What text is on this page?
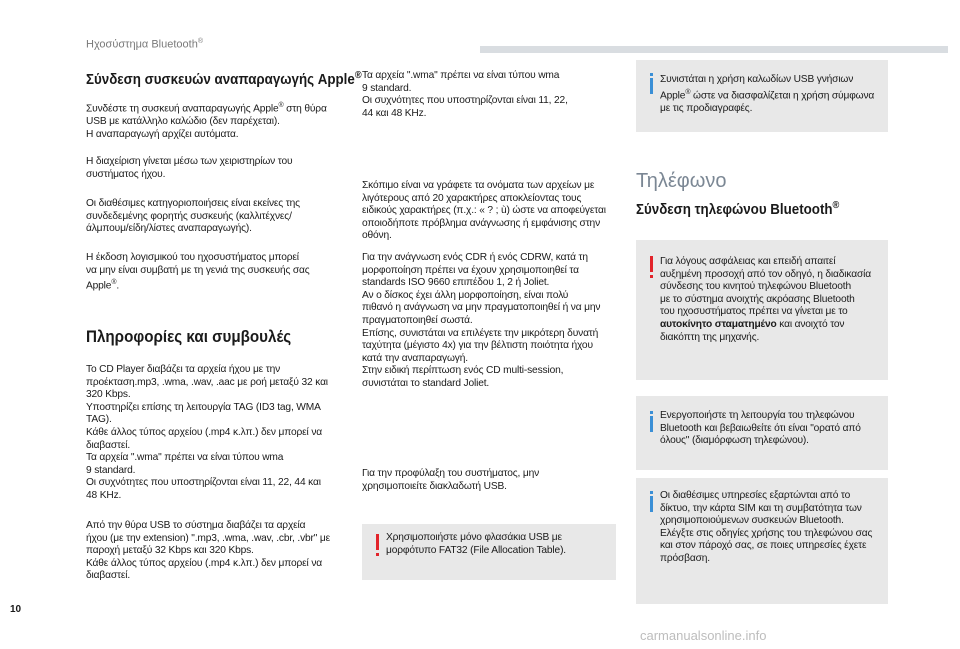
Ηχοσύστημα Bluetooth®
Σύνδεση συσκευών αναπαραγωγής Apple®

Συνδέστε τη συσκευή αναπαραγωγής Apple® στη θύρα
USB με κατάλληλο καλώδιο (δεν παρέχεται).
Η αναπαραγωγή αρχίζει αυτόματα.

Η διαχείριση γίνεται μέσω των χειριστηρίων του
συστήματος ήχου.

Οι διαθέσιμες κατηγοριοποιήσεις είναι εκείνες της
συνδεδεμένης φορητής συσκευής (καλλιτέχνες/
άλμπουμ/είδη/λίστες αναπαραγωγής).

Η έκδοση λογισμικού του ηχοσυστήματος μπορεί
να μην είναι συμβατή με τη γενιά της συσκευής σας
Apple®.

Πληροφορίες και συμβουλές

Το CD Player διαβάζει τα αρχεία ήχου με την
προέκταση.mp3, .wma, .wav, .aac με ροή μεταξύ 32 και
320 Kbps.
Υποστηρίζει επίσης τη λειτουργία TAG (ID3 tag, WMA
TAG).
Κάθε άλλος τύπος αρχείου (.mp4 κ.λπ.) δεν μπορεί να
διαβαστεί.
Τα αρχεία ".wma" πρέπει να είναι τύπου wma
9 standard.
Οι συχνότητες που υποστηρίζονται είναι 11, 22, 44 και
48 KHz.

Από την θύρα USB το σύστημα διαβάζει τα αρχεία
ήχου (με την extension) ".mp3, .wma, .wav, .cbr, .vbr" με
παροχή μεταξύ 32 Kbps και 320 Kbps.
Κάθε άλλος τύπος αρχείου (.mp4 κ.λπ.) δεν μπορεί να
διαβαστεί.

Τα αρχεία ".wma" πρέπει να είναι τύπου wma
9 standard.
Οι συχνότητες που υποστηρίζονται είναι 11, 22,
44 και 48 KHz.

Σκόπιμο είναι να γράφετε τα ονόματα των αρχείων με
λιγότερους από 20 χαρακτήρες αποκλείοντας τους
ειδικούς χαρακτήρες (π.χ.: « ? ; ù) ώστε να αποφεύγεται
οποιοδήποτε πρόβλημα ανάγνωσης ή εμφάνισης στην
οθόνη.

Για την ανάγνωση ενός CDR ή ενός CDRW, κατά τη
μορφοποίηση πρέπει να έχουν χρησιμοποιηθεί τα
standards ISO 9660 επιπέδου 1, 2 ή Joliet.
Αν ο δίσκος έχει άλλη μορφοποίηση, είναι πολύ
πιθανό η ανάγνωση να μην πραγματοποιηθεί ή να μην
πραγματοποιηθεί σωστά.
Επίσης, συνιστάται να επιλέγετε την μικρότερη δυνατή
ταχύτητα (μέγιστο 4x) για την βέλτιστη ποιότητα ήχου
κατά την αναπαραγωγή.
Στην ειδική περίπτωση ενός CD multi-session,
συνιστάται το standard Joliet.

Για την προφύλαξη του συστήματος, μην
χρησιμοποιείτε διακλαδωτή USB.

Χρησιμοποιήστε μόνο φλασάκια USB με
μορφότυπο FAT32 (File Allocation Table).

Συνιστάται η χρήση καλωδίων USB γνήσιων
Apple® ώστε να διασφαλίζεται η χρήση σύμφωνα
με τις προδιαγραφές.

Τηλέφωνο
Σύνδεση τηλεφώνου Bluetooth®

Για λόγους ασφάλειας και επειδή απαιτεί
αυξημένη προσοχή από τον οδηγό, η διαδικασία
σύνδεσης του κινητού τηλεφώνου Bluetooth
με το σύστημα ανοιχτής ακρόασης Bluetooth
του ηχοσυστήματος πρέπει να γίνεται με το
αυτοκίνητο σταματημένο και ανοιχτό τον
διακόπτη της μηχανής.

Ενεργοποιήστε τη λειτουργία του τηλεφώνου
Bluetooth και βεβαιωθείτε ότι είναι "ορατό από
όλους" (διαμόρφωση τηλεφώνου).

Οι διαθέσιμες υπηρεσίες εξαρτώνται από το
δίκτυο, την κάρτα SIM και τη συμβατότητα των
χρησιμοποιούμενων συσκευών Bluetooth.
Ελέγξτε στις οδηγίες χρήσης του τηλεφώνου σας
και στον πάροχό σας, σε ποιες υπηρεσίες έχετε
πρόσβαση.

10
carmanualsonline.info
